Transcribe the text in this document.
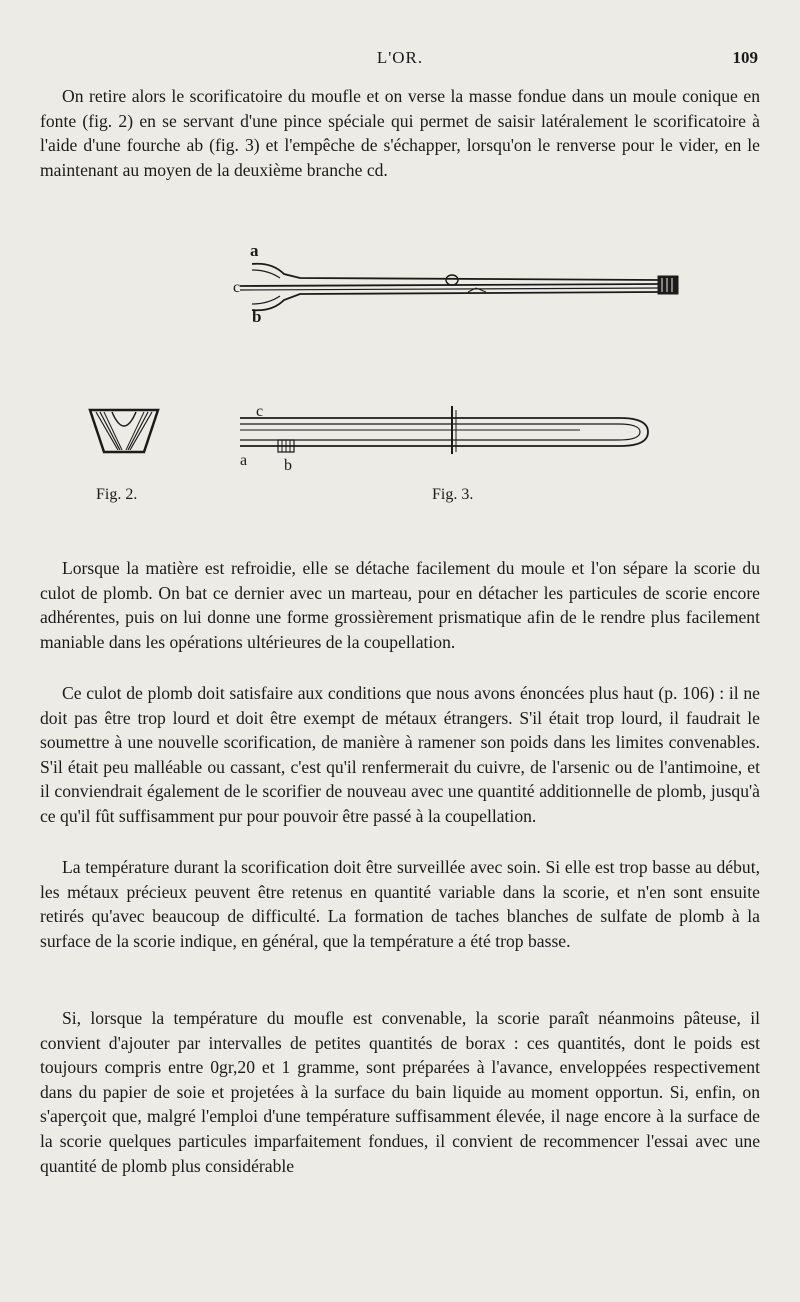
L'OR.	109

On retire alors le scorificatoire du moufle et on verse la masse fondue dans un moule conique en fonte (fig. 2) en se servant d'une pince spéciale qui permet de saisir latéralement le scorificatoire à l'aide d'une fourche ab (fig. 3) et l'empêche de s'échapper, lorsqu'on le renverse pour le vider, en le maintenant au moyen de la deuxième branche cd.

a
c
b
c
a b
Fig. 2.	Fig. 3.

Lorsque la matière est refroidie, elle se détache facilement du moule et l'on sépare la scorie du culot de plomb. On bat ce dernier avec un marteau, pour en détacher les particules de scorie encore adhérentes, puis on lui donne une forme grossièrement prismatique afin de le rendre plus facilement maniable dans les opérations ultérieures de la coupellation.

Ce culot de plomb doit satisfaire aux conditions que nous avons énoncées plus haut (p. 106) : il ne doit pas être trop lourd et doit être exempt de métaux étrangers. S'il était trop lourd, il faudrait le soumettre à une nouvelle scorification, de manière à ramener son poids dans les limites convenables. S'il était peu malléable ou cassant, c'est qu'il renfermerait du cuivre, de l'arsenic ou de l'antimoine, et il conviendrait également de le scorifier de nouveau avec une quantité additionnelle de plomb, jusqu'à ce qu'il fût suffisamment pur pour pouvoir être passé à la coupellation.

La température durant la scorification doit être surveillée avec soin. Si elle est trop basse au début, les métaux précieux peuvent être retenus en quantité variable dans la scorie, et n'en sont ensuite retirés qu'avec beaucoup de difficulté. La formation de taches blanches de sulfate de plomb à la surface de la scorie indique, en général, que la température a été trop basse.

Si, lorsque la température du moufle est convenable, la scorie paraît néanmoins pâteuse, il convient d'ajouter par intervalles de petites quantités de borax : ces quantités, dont le poids est toujours compris entre 0gr,20 et 1 gramme, sont préparées à l'avance, enveloppées respectivement dans du papier de soie et projetées à la surface du bain liquide au moment opportun. Si, enfin, on s'aperçoit que, malgré l'emploi d'une température suffisamment élevée, il nage encore à la surface de la scorie quelques particules imparfaitement fondues, il convient de recommencer l'essai avec une quantité de plomb plus considérable
